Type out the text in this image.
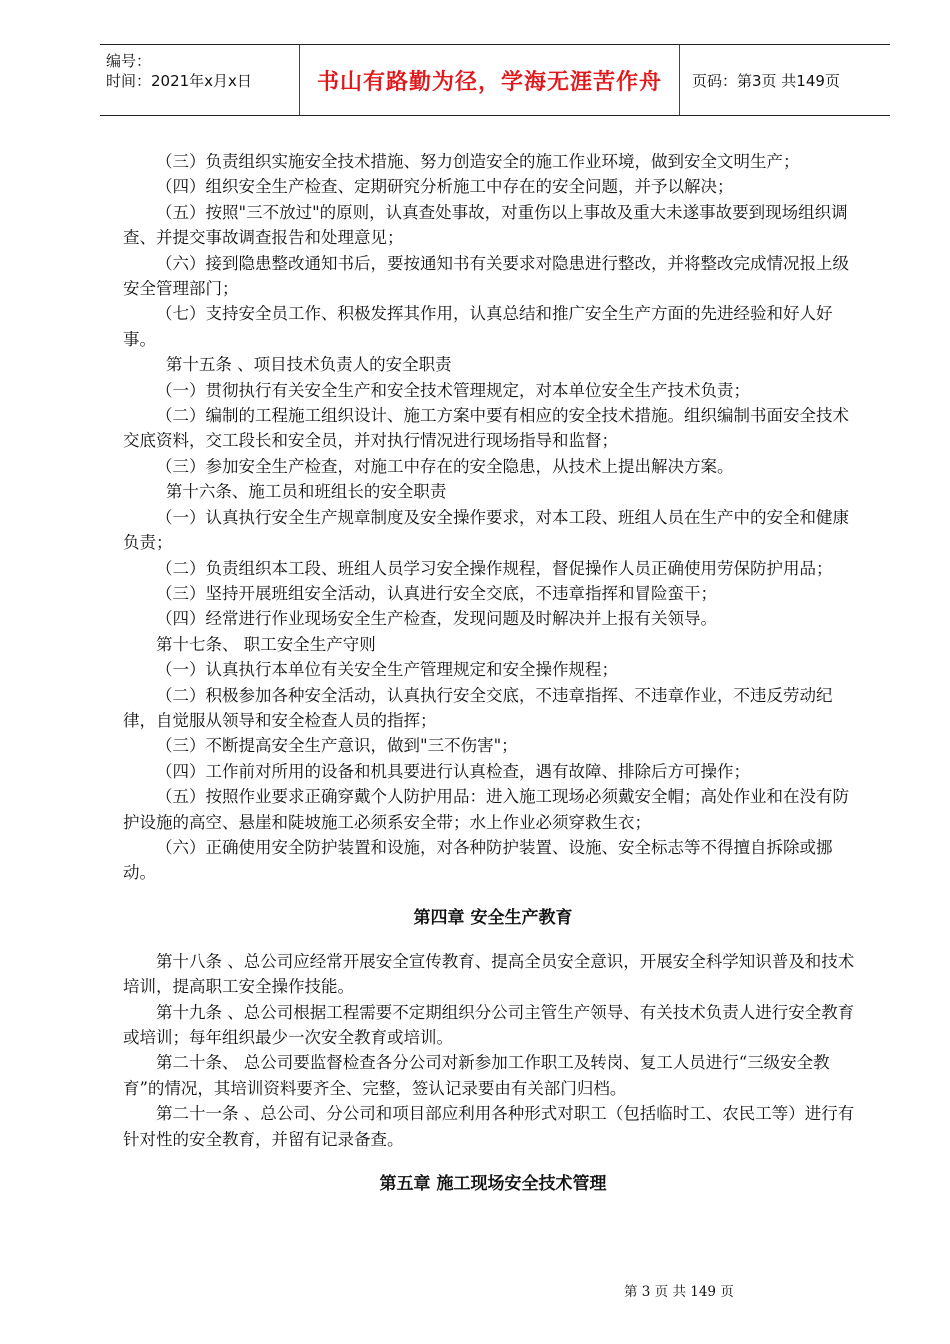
编号：
时间：2021年x月x日	书山有路勤为径，学海无涯苦作舟 页码：第3页 共149页

（三）负责组织实施安全技术措施、努力创造安全的施工作业环境，做到安全文明生产；

（四）组织安全生产检查、定期研究分析施工中存在的安全问题，并予以解决；

（五）按照"三不放过"的原则，认真查处事故，对重伤以上事故及重大未遂事故要到现场组织调查、并提交事故调查报告和处理意见；

（六）接到隐患整改通知书后，要按通知书有关要求对隐患进行整改，并将整改完成情况报上级安全管理部门；

（七）支持安全员工作、积极发挥其作用，认真总结和推广安全生产方面的先进经验和好人好事。

第十五条 、项目技术负责人的安全职责

（一）贯彻执行有关安全生产和安全技术管理规定，对本单位安全生产技术负责；

（二）编制的工程施工组织设计、施工方案中要有相应的安全技术措施。组织编制书面安全技术交底资料，交工段长和安全员，并对执行情况进行现场指导和监督；

（三）参加安全生产检查，对施工中存在的安全隐患，从技术上提出解决方案。

第十六条、施工员和班组长的安全职责

（一）认真执行安全生产规章制度及安全操作要求，对本工段、班组人员在生产中的安全和健康负责；

（二）负责组织本工段、班组人员学习安全操作规程，督促操作人员正确使用劳保防护用品；

（三）坚持开展班组安全活动，认真进行安全交底，不违章指挥和冒险蛮干；

（四）经常进行作业现场安全生产检查，发现问题及时解决并上报有关领导。

第十七条、 职工安全生产守则

（一）认真执行本单位有关安全生产管理规定和安全操作规程；

（二）积极参加各种安全活动，认真执行安全交底，不违章指挥、不违章作业，不违反劳动纪律，自觉服从领导和安全检查人员的指挥；

（三）不断提高安全生产意识，做到"三不伤害"；

（四）工作前对所用的设备和机具要进行认真检查，遇有故障、排除后方可操作；

（五）按照作业要求正确穿戴个人防护用品：进入施工现场必须戴安全帽；高处作业和在没有防护设施的高空、悬崖和陡坡施工必须系安全带；水上作业必须穿救生衣；

（六）正确使用安全防护装置和设施，对各种防护装置、设施、安全标志等不得擅自拆除或挪动。

第四章 安全生产教育

第十八条 、总公司应经常开展安全宣传教育、提高全员安全意识，开展安全科学知识普及和技术培训，提高职工安全操作技能。

第十九条 、总公司根据工程需要不定期组织分公司主管生产领导、有关技术负责人进行安全教育或培训；每年组织最少一次安全教育或培训。

第二十条、 总公司要监督检查各分公司对新参加工作职工及转岗、复工人员进行“三级安全教育”的情况，其培训资料要齐全、完整，签认记录要由有关部门归档。

第二十一条 、总公司、分公司和项目部应利用各种形式对职工（包括临时工、农民工等）进行有针对性的安全教育，并留有记录备查。

第五章 施工现场安全技术管理

第 3 页 共 149 页
